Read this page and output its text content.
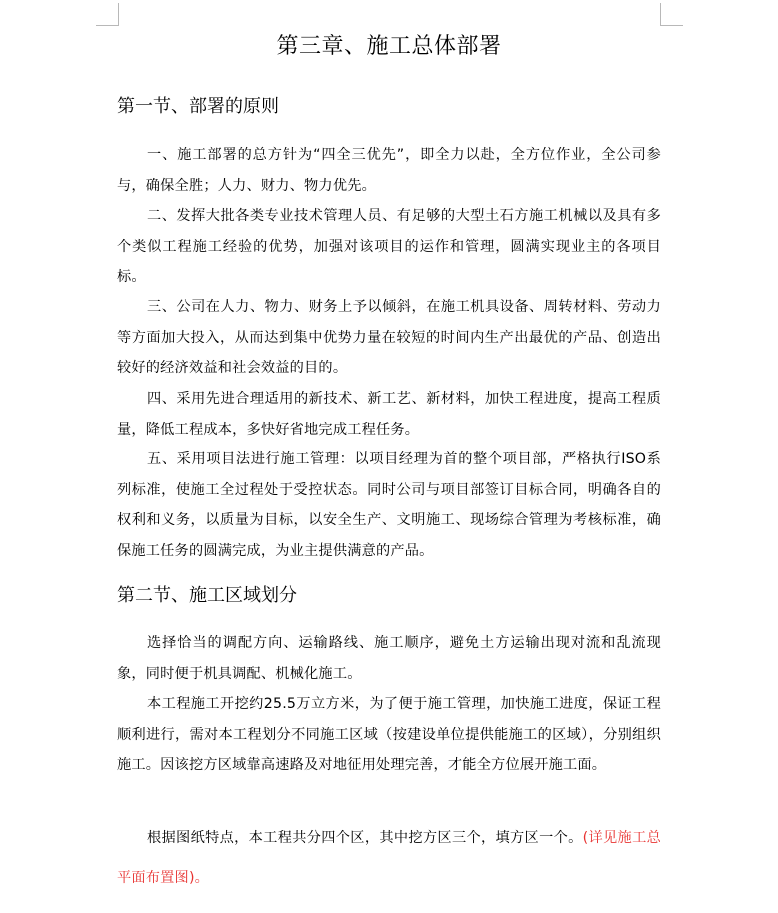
第三章、施工总体部署
第一节、部署的原则

一、施工部署的总方针为“四全三优先”，即全力以赴，全方位作业，全公司参与，确保全胜；人力、财力、物力优先。

二、发挥大批各类专业技术管理人员、有足够的大型土石方施工机械以及具有多个类似工程施工经验的优势，加强对该项目的运作和管理，圆满实现业主的各项目标。

三、公司在人力、物力、财务上予以倾斜，在施工机具设备、周转材料、劳动力等方面加大投入，从而达到集中优势力量在较短的时间内生产出最优的产品、创造出较好的经济效益和社会效益的目的。

四、采用先进合理适用的新技术、新工艺、新材料，加快工程进度，提高工程质量，降低工程成本，多快好省地完成工程任务。

五、采用项目法进行施工管理：以项目经理为首的整个项目部，严格执行ISO系列标准，使施工全过程处于受控状态。同时公司与项目部签订目标合同，明确各自的权利和义务，以质量为目标，以安全生产、文明施工、现场综合管理为考核标准，确保施工任务的圆满完成，为业主提供满意的产品。

第二节、施工区域划分

选择恰当的调配方向、运输路线、施工顺序，避免土方运输出现对流和乱流现象，同时便于机具调配、机械化施工。

本工程施工开挖约25.5万立方米，为了便于施工管理，加快施工进度，保证工程顺利进行，需对本工程划分不同施工区域（按建设单位提供能施工的区域），分别组织施工。因该挖方区域靠高速路及对地征用处理完善，才能全方位展开施工面。

根据图纸特点，本工程共分四个区，其中挖方区三个，填方区一个。(详见施工总平面布置图)。
